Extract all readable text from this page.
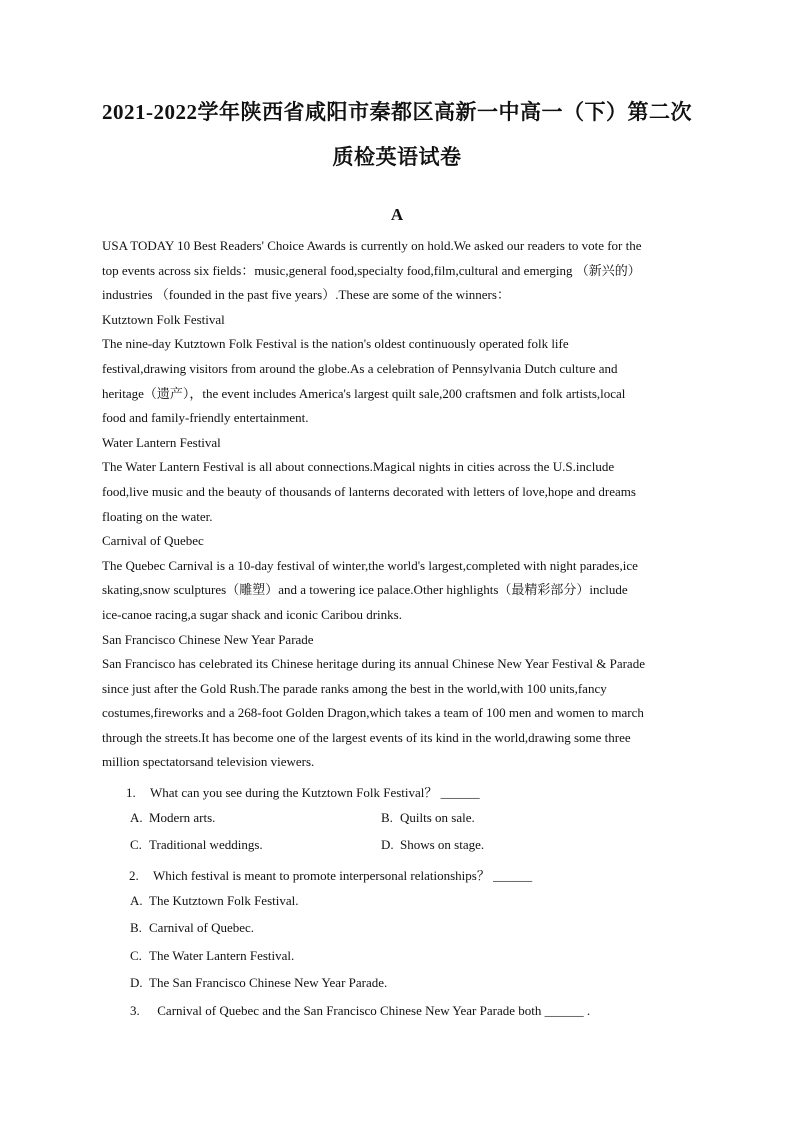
2021-2022学年陕西省咸阳市秦都区高新一中高一（下）第二次
质检英语试卷
A

USA TODAY 10 Best Readers' Choice Awards is currently on hold.We asked our readers to vote for the

top events across six fields：music,general food,specialty food,film,cultural and emerging （新兴的）

industries （founded in the past five years）.These are some of the winners：

Kutztown Folk Festival

The nine-day Kutztown Folk Festival is the nation's oldest continuously operated folk life

festival,drawing visitors from around the globe.As a celebration of Pennsylvania Dutch culture and

heritage（遗产），the event includes America's largest quilt sale,200 craftsmen and folk artists,local

food and family-friendly entertainment.

Water Lantern Festival

The Water Lantern Festival is all about connections.Magical nights in cities across the U.S.include

food,live music and the beauty of thousands of lanterns decorated with letters of love,hope and dreams

floating on the water.

Carnival of Quebec

The Quebec Carnival is a 10-day festival of winter,the world's largest,completed with night parades,ice

skating,snow sculptures（雕塑）and a towering ice palace.Other highlights（最精彩部分）include

ice-canoe racing,a sugar shack and iconic Caribou drinks.

San Francisco Chinese New Year Parade

San Francisco has celebrated its Chinese heritage during its annual Chinese New Year Festival & Parade

since just after the Gold Rush.The parade ranks among the best in the world,with 100 units,fancy

costumes,fireworks and a 268-foot Golden Dragon,which takes a team of 100 men and women to march

through the streets.It has become one of the largest events of its kind in the world,drawing some three

million spectatorsand television viewers.

1. What can you see during the Kutztown Folk Festival？ ______
A. Modern arts.	B. Quilts on sale.
C. Traditional weddings.	D. Shows on stage.
2. Which festival is meant to promote interpersonal relationships？ ______
A. The Kutztown Folk Festival.
B. Carnival of Quebec.
C. The Water Lantern Festival.
D. The San Francisco Chinese New Year Parade.
3. Carnival of Quebec and the San Francisco Chinese New Year Parade both ______ .
